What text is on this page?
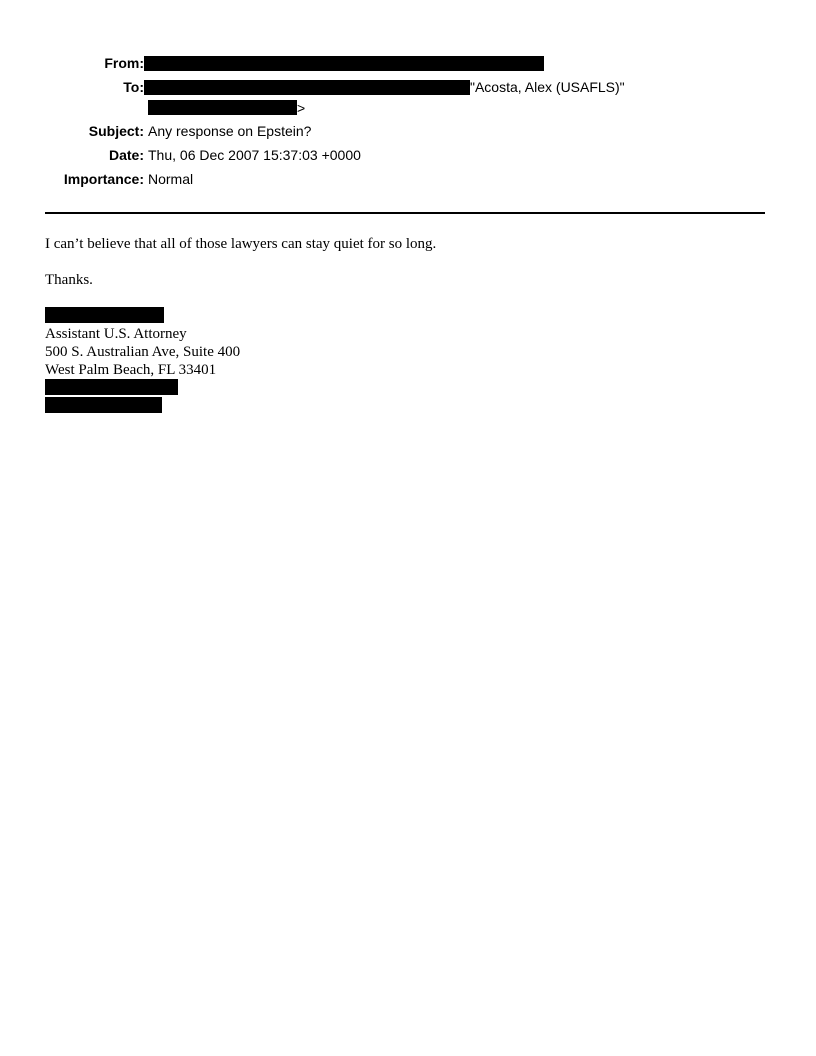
From:
To:	"Acosta, Alex (USAFLS)"
>
Subject: Any response on Epstein?
Date: Thu, 06 Dec 2007 15:37:03 +0000
Importance: Normal
I can’t believe that all of those lawyers can stay quiet for so long.
Thanks.
Assistant U.S. Attorney
500 S. Australian Ave, Suite 400
West Palm Beach, FL 33401
